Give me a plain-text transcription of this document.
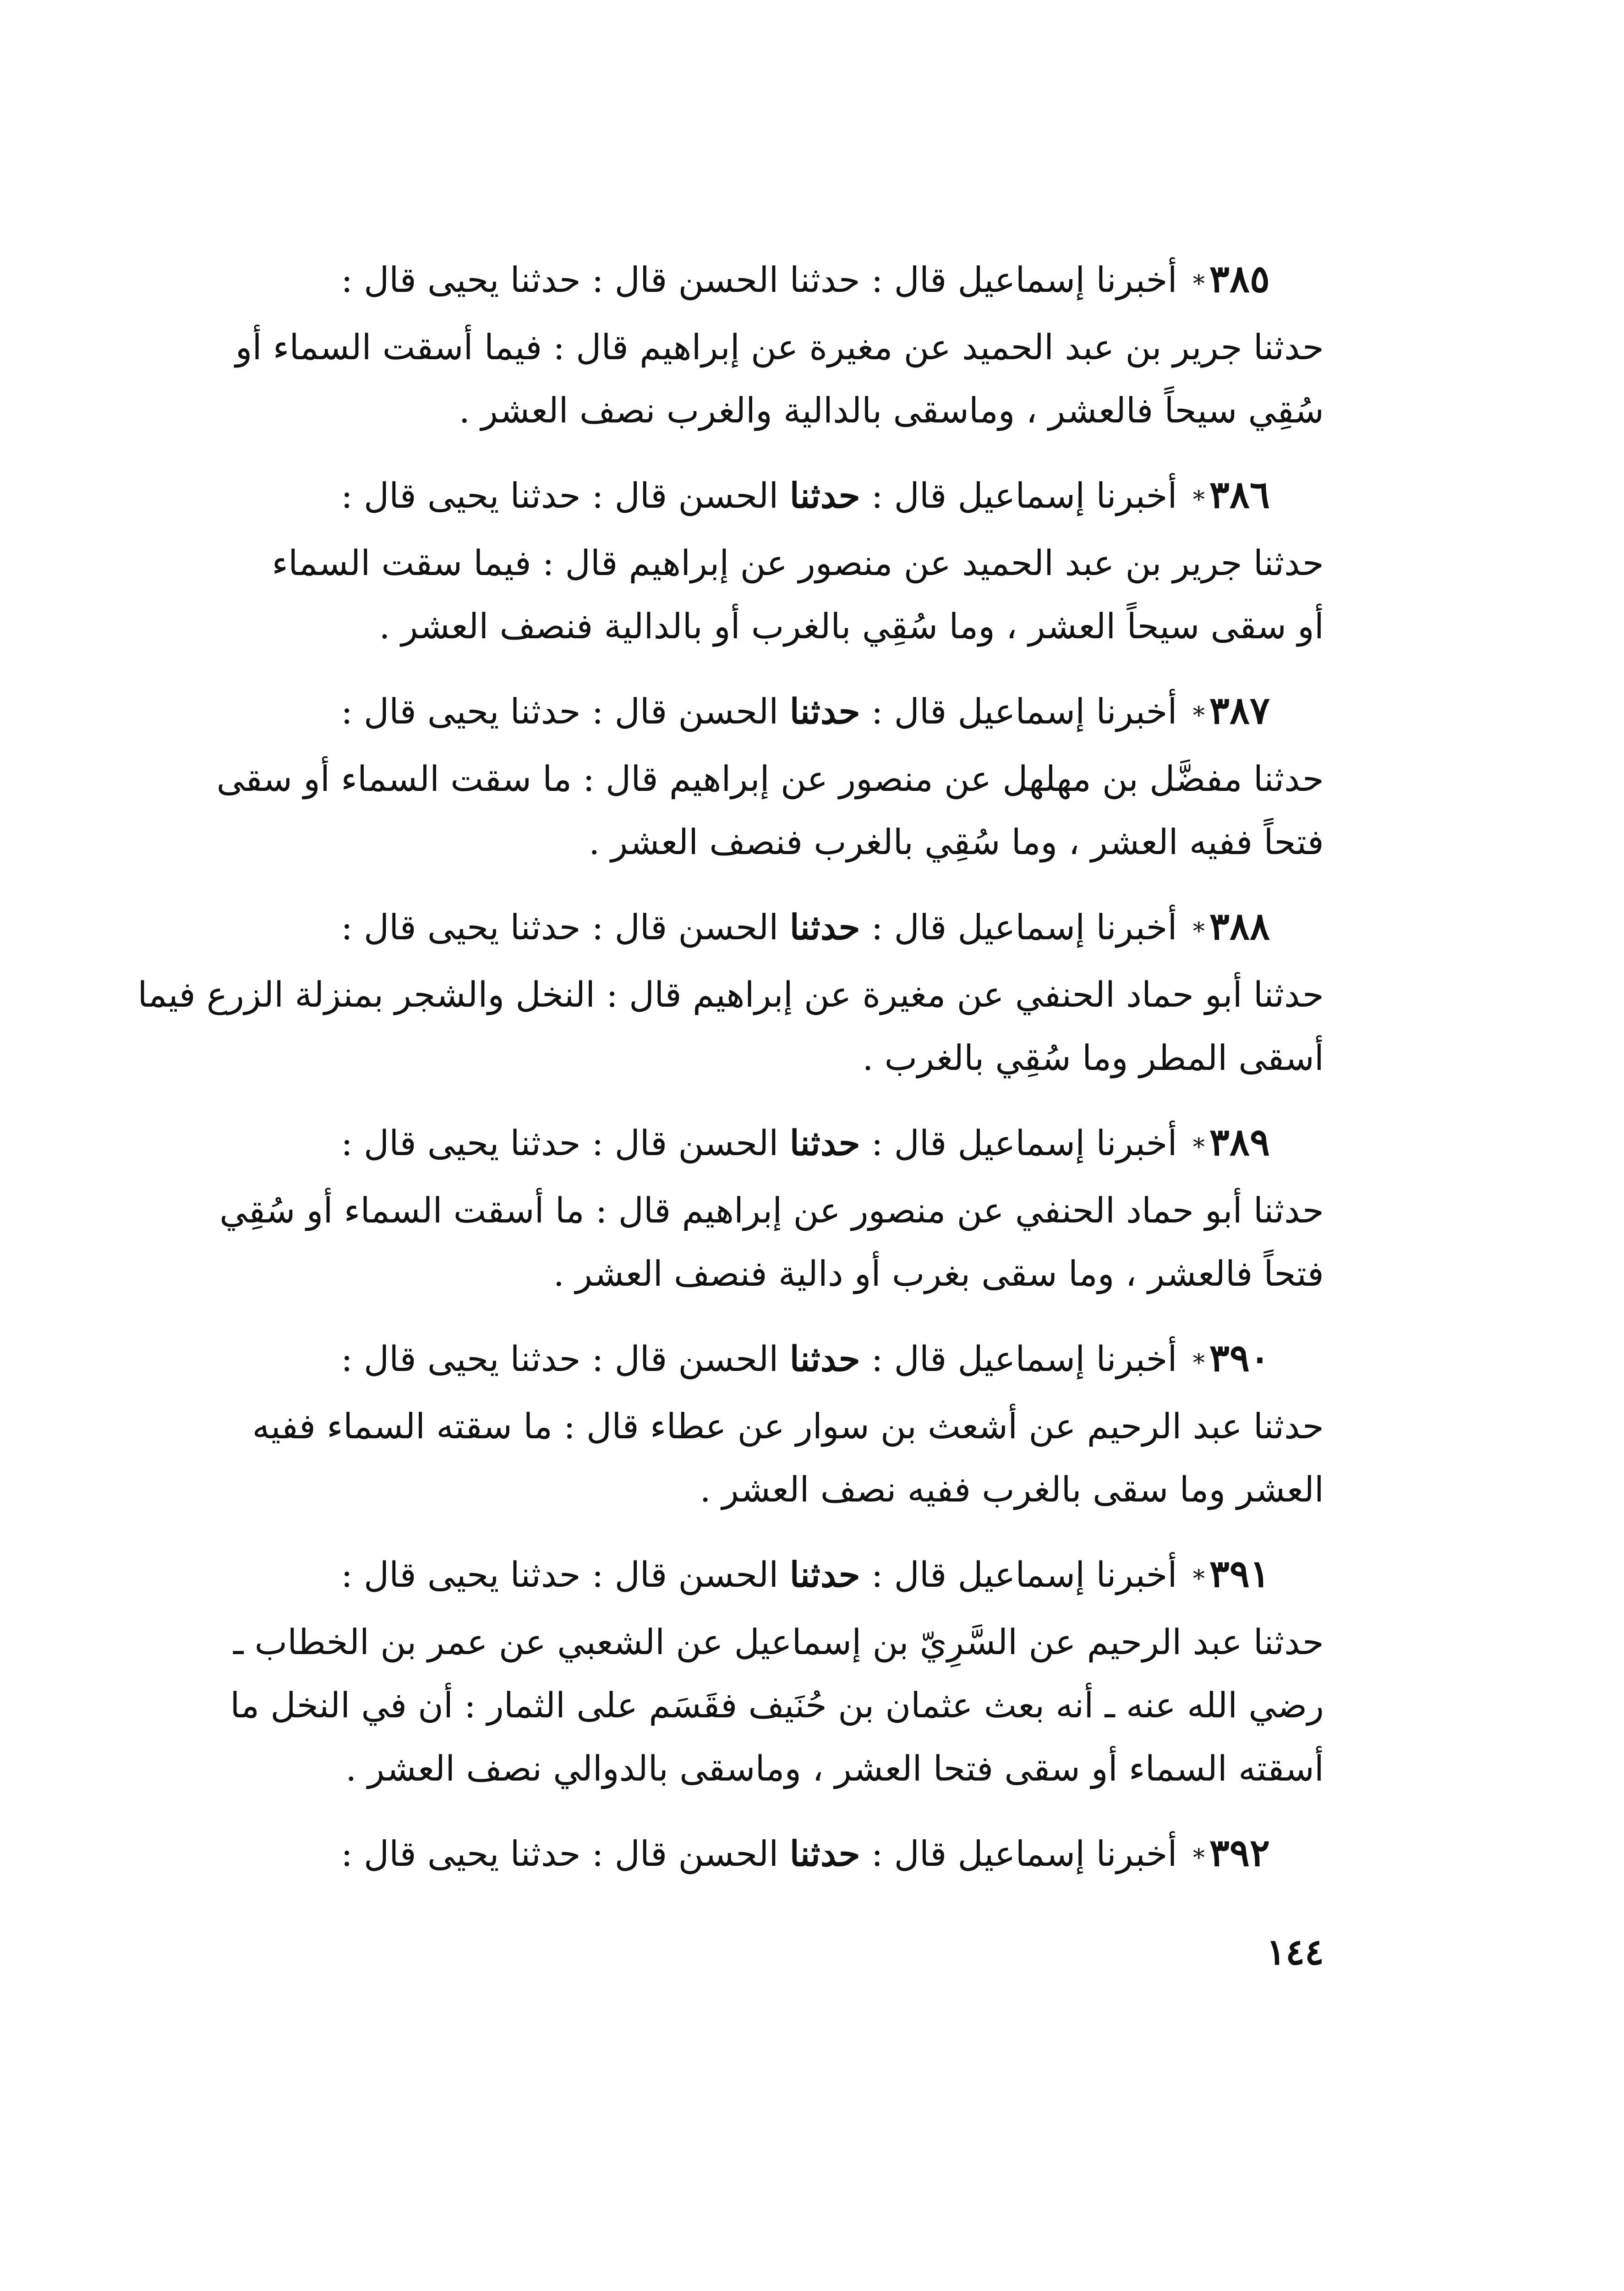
٣٨٥* أخبرنا إسماعيل قال : حدثنا الحسن قال : حدثنا يحيى قال :
حدثنا جرير بن عبد الحميد عن مغيرة عن إبراهيم قال : فيما أسقت السماء أو
سُقِي سيحاً فالعشر ، وماسقى بالدالية والغرب نصف العشر .
٣٨٦* أخبرنا إسماعيل قال : حدثنا الحسن قال : حدثنا يحيى قال :
حدثنا جرير بن عبد الحميد عن منصور عن إبراهيم قال : فيما سقت السماء
أو سقى سيحاً العشر ، وما سُقِي بالغرب أو بالدالية فنصف العشر .
٣٨٧* أخبرنا إسماعيل قال : حدثنا الحسن قال : حدثنا يحيى قال :
حدثنا مفضَّل بن مهلهل عن منصور عن إبراهيم قال : ما سقت السماء أو سقى
فتحاً ففيه العشر ، وما سُقِي بالغرب فنصف العشر .
٣٨٨* أخبرنا إسماعيل قال : حدثنا الحسن قال : حدثنا يحيى قال :
حدثنا أبو حماد الحنفي عن مغيرة عن إبراهيم قال : النخل والشجر بمنزلة الزرع فيما
أسقى المطر وما سُقِي بالغرب .
٣٨٩* أخبرنا إسماعيل قال : حدثنا الحسن قال : حدثنا يحيى قال :
حدثنا أبو حماد الحنفي عن منصور عن إبراهيم قال : ما أسقت السماء أو سُقِي
فتحاً فالعشر ، وما سقى بغرب أو دالية فنصف العشر .
٣٩٠* أخبرنا إسماعيل قال : حدثنا الحسن قال : حدثنا يحيى قال :
حدثنا عبد الرحيم عن أشعث بن سوار عن عطاء قال : ما سقته السماء ففيه
العشر وما سقى بالغرب ففيه نصف العشر .
٣٩١* أخبرنا إسماعيل قال : حدثنا الحسن قال : حدثنا يحيى قال :
حدثنا عبد الرحيم عن السَّرِيّ بن إسماعيل عن الشعبي عن عمر بن الخطاب ـ
رضي الله عنه ـ أنه بعث عثمان بن حُنَيف فقَسَم على الثمار : أن في النخل ما
أسقته السماء أو سقى فتحا العشر ، وماسقى بالدوالي نصف العشر .
٣٩٢* أخبرنا إسماعيل قال : حدثنا الحسن قال : حدثنا يحيى قال :
١٤٤
